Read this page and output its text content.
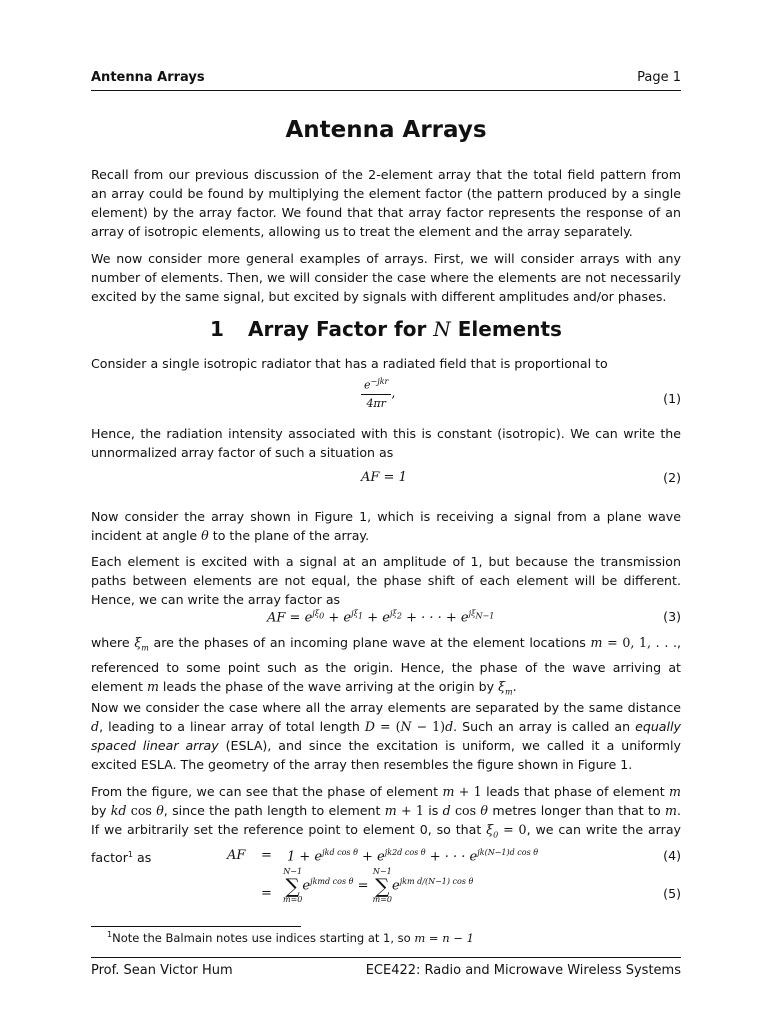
Antenna Arrays	Page 1
Antenna Arrays
Recall from our previous discussion of the 2-element array that the total field pattern from an array could be found by multiplying the element factor (the pattern produced by a single element) by the array factor. We found that that array factor represents the response of an array of isotropic elements, allowing us to treat the element and the array separately.
We now consider more general examples of arrays. First, we will consider arrays with any number of elements. Then, we will consider the case where the elements are not necessarily excited by the same signal, but excited by signals with different amplitudes and/or phases.
1 Array Factor for N Elements
Consider a single isotropic radiator that has a radiated field that is proportional to
$\frac{e^{-jkr}}{4\pi r}$ ,	(1)
Hence, the radiation intensity associated with this is constant (isotropic). We can write the unnormalized array factor of such a situation as
AF = 1	(2)
Now consider the array shown in Figure 1, which is receiving a signal from a plane wave incident at angle θ to the plane of the array.
Each element is excited with a signal at an amplitude of 1, but because the transmission paths between elements are not equal, the phase shift of each element will be different. Hence, we can write the array factor as
AF = $e^{j\xi_0} + e^{j\xi_1} + e^{j\xi_2}$ + · · · + $e^{j\xi_{N-1}}$	(3)
where $\xi_m$ are the phases of an incoming plane wave at the element locations m = 0, 1, . . ., referenced to some point such as the origin. Hence, the phase of the wave arriving at element m leads the phase of the wave arriving at the origin by $\xi_m$.
Now we consider the case where all the array elements are separated by the same distance d, leading to a linear array of total length D = (N − 1)d. Such an array is called an equally spaced linear array (ESLA), and since the excitation is uniform, we called it a uniformly excited ESLA. The geometry of the array then resembles the figure shown in Figure 1.
From the figure, we can see that the phase of element m + 1 leads that phase of element m by kd cos θ, since the path length to element m + 1 is d cos θ metres longer than that to m. If we arbitrarily set the reference point to element 0, so that $\xi_0 = 0$, we can write the array factor$^1$ as	AF = $1 + e^{jkd cos \theta} + e^{jk2d cos \theta}$ + · · · $e^{jk(N-1)d cos \theta}$	(4)
=
N−1
∑
m=0
$e^{jkmd cos \theta}$ =
N−1
∑
m=0
$e^{jkm d/(N-1) cos \theta}$
(5)
$^1$Note the Balmain notes use indices starting at 1, so m = n − 1
Prof. Sean Victor Hum	ECE422: Radio and Microwave Wireless Systems
